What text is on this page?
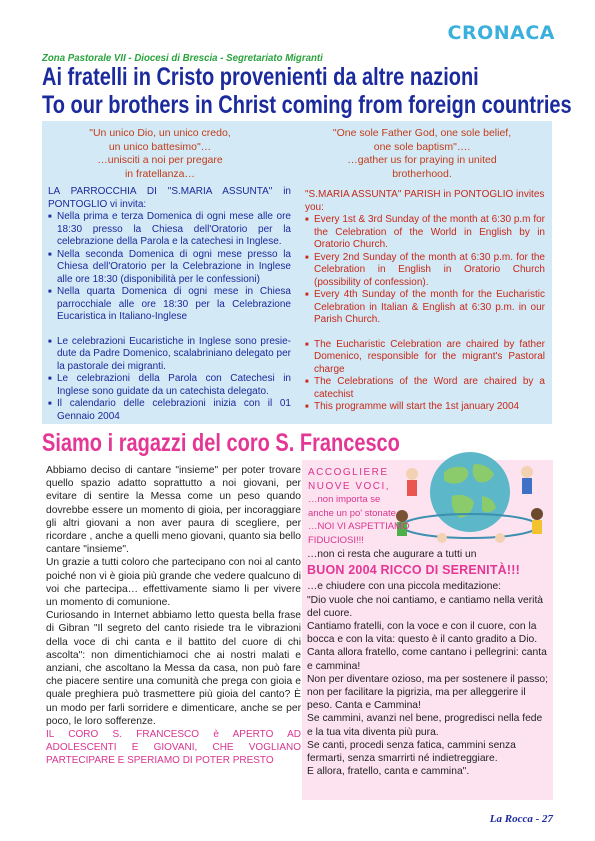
CRONACA
Zona Pastorale VII - Diocesi di Brescia - Segretariato Migranti
Ai fratelli in Cristo provenienti da altre nazioni
To our brothers in Christ coming from foreign countries
"Un unico Dio, un unico credo,
un unico battesimo"…
…unisciti a noi per pregare
in fratellanza…
"One sole Father God, one sole belief,
one sole baptism"….
…gather us for praying in united
brotherhood.

LA PARROCCHIA DI "S.MARIA ASSUNTA" in PONTOGLIO vi invita:

■ Nella prima e terza Domenica di ogni mese alle ore 18:30 presso la Chiesa dell'Oratorio per la celebrazione della Parola e la catechesi in Inglese.
■ Nella seconda Domenica di ogni mese presso la Chiesa dell'Oratorio per la Celebrazione in Inglese alle ore 18:30 (disponibilità per le confessioni)
■ Nella quarta Domenica di ogni mese in Chiesa parrocchiale alle ore 18:30 per la Celebrazione Eucaristica in Italiano-Inglese
■ Le celebrazioni Eucaristiche in Inglese sono presie-dute da Padre Domenico, scalabriniano delegato per la pastorale dei migranti.
■ Le celebrazioni della Parola con Catechesi in Inglese sono guidate da un catechista delegato.
■ Il calendario delle celebrazioni inizia con il 01 Gennaio 2004

"S.MARIA ASSUNTA" PARISH in PONTOGLIO invites you:

■ Every 1st & 3rd Sunday of the month at 6:30 p.m for the Celebration of the World in English by in Oratorio Church.
■ Every 2nd Sunday of the month at 6:30 p.m. for the Celebration in English in Oratorio Church (possibility of confession).
■ Every 4th Sunday of the month for the Eucharistic Celebration in Italian & English at 6:30 p.m. in our Parish Church.
■ The Eucharistic Celebration are chaired by father Domenico, responsible for the migrant's Pastoral charge
■ The Celebrations of the Word are chaired by a catechist
■ This programme will start the 1st january 2004
Siamo i ragazzi del coro S. Francesco

Abbiamo deciso di cantare "insieme" per poter trovare quello spazio adatto soprattutto a noi giovani, per evitare di sentire la Messa come un peso quando dovrebbe essere un momento di gioia, per incoraggiare gli altri giovani a non aver paura di scegliere, per ricordare , anche a quelli meno giovani, quanto sia bello cantare "insieme".

Un grazie a tutti coloro che partecipano con noi al canto poiché non vi è gioia più grande che vedere qualcuno di voi che partecipa… effettivamente siamo li per vivere un momento di comunione.

Curiosando in Internet abbiamo letto questa bella frase di Gibran "Il segreto del canto risiede tra le vibrazioni della voce di chi canta e il battito del cuore di chi ascolta": non dimentichiamoci che ai nostri malati e anziani, che ascoltano la Messa da casa, non può fare che piacere sentire una comunità che prega con gioia e quale preghiera può trasmettere più gioia del canto? È un modo per farli sorridere e dimenticare, anche se per poco, le loro sofferenze.

IL CORO S. FRANCESCO è APERTO AD ADOLESCENTI E GIOVANI, CHE VOGLIANO PARTECIPARE E SPERIAMO DI POTER PRESTO

ACCOGLIERE
NUOVE VOCI,
…non importa se
anche un po' stonate
…NOI VI ASPETTIAMO
FIDUCIOSI!!!

…non ci resta che augurare a tutti un

BUON 2004 RICCO DI SERENITÀ!!!

…e chiudere con una piccola meditazione:

"Dio vuole che noi cantiamo, e cantiamo nella verità del cuore.

Cantiamo fratelli, con la voce e con il cuore, con la bocca e con la vita: questo è il canto gradito a Dio. Canta allora fratello, come cantano i pellegrini: canta e cammina!

Non per diventare ozioso, ma per sostenere il passo; non per facilitare la pigrizia, ma per alleggerire il peso. Canta e Cammina!

Se cammini, avanzi nel bene, progredisci nella fede e la tua vita diventa più pura.

Se canti, procedi senza fatica, cammini senza fermarti, senza smarrirti né indietreggiare.

E allora, fratello, canta e cammina".

La Rocca - 27
